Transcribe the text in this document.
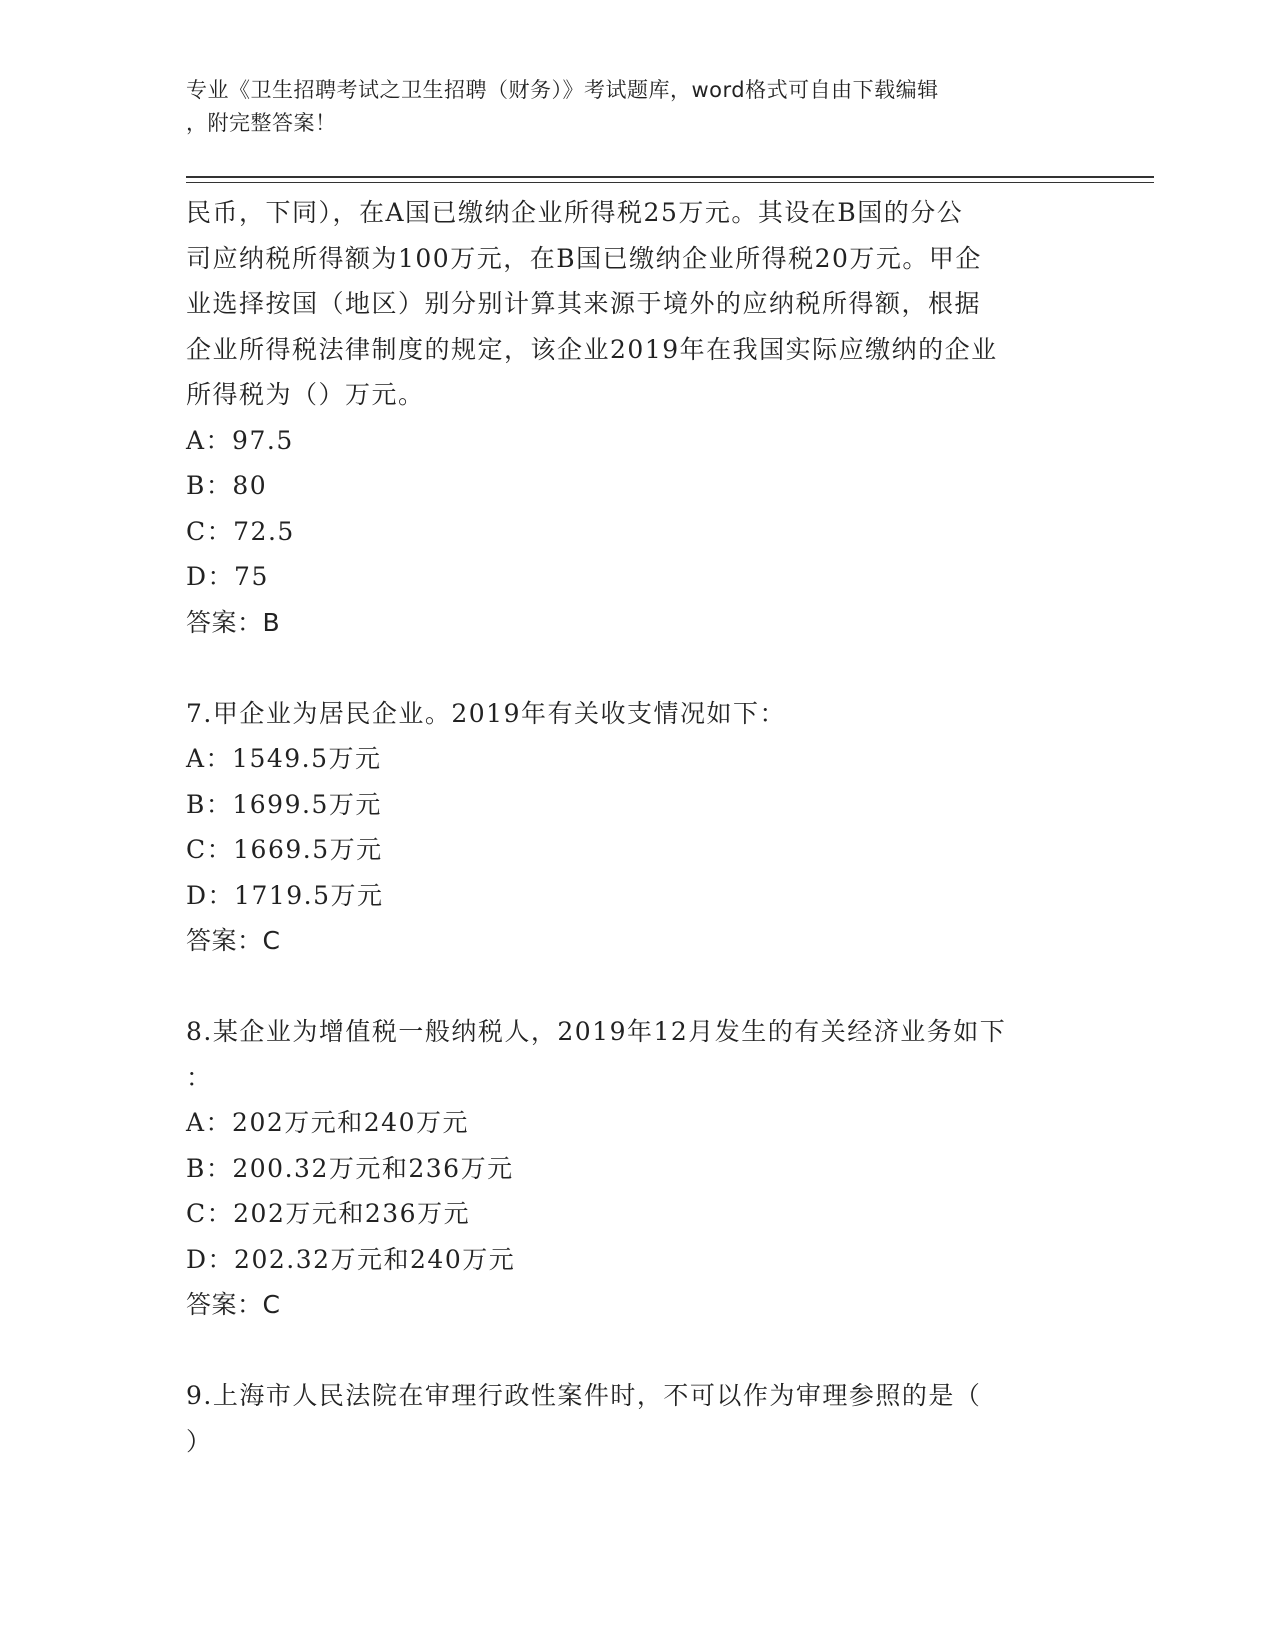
专业《卫生招聘考试之卫生招聘（财务）》考试题库，word格式可自由下载编辑
，附完整答案！
民币，下同），在A国已缴纳企业所得税25万元。其设在B国的分公
司应纳税所得额为100万元，在B国已缴纳企业所得税20万元。甲企
业选择按国（地区）别分别计算其来源于境外的应纳税所得额，根据
企业所得税法律制度的规定，该企业2019年在我国实际应缴纳的企业
所得税为（）万元。
A：97.5
B：80
C：72.5
D：75
答案：B
7.甲企业为居民企业。2019年有关收支情况如下：
A：1549.5万元
B：1699.5万元
C：1669.5万元
D：1719.5万元
答案：C
8.某企业为增值税一般纳税人，2019年12月发生的有关经济业务如下
：
A：202万元和240万元
B：200.32万元和236万元
C：202万元和236万元
D：202.32万元和240万元
答案：C
9.上海市人民法院在审理行政性案件时，不可以作为审理参照的是（
）
